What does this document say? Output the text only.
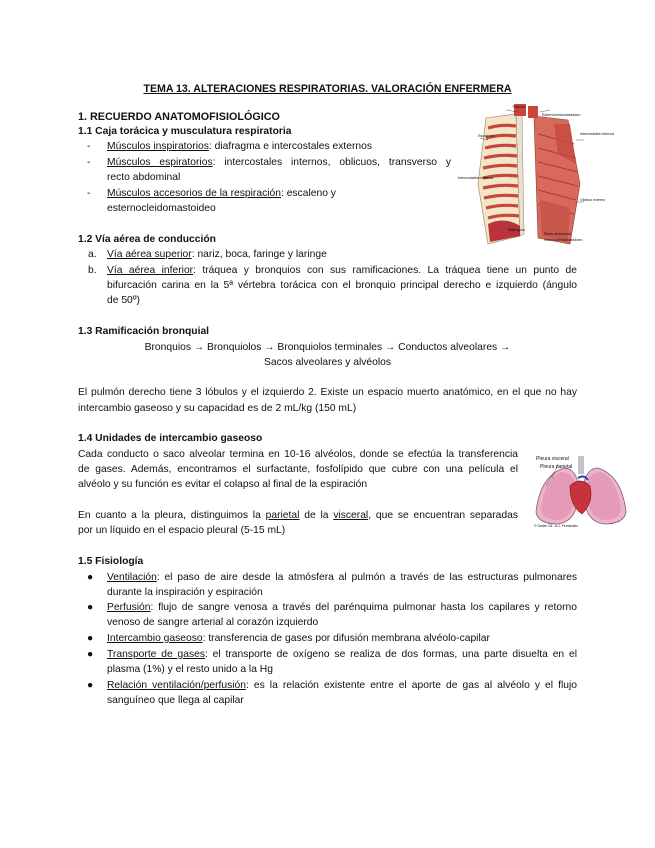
TEMA 13. ALTERACIONES RESPIRATORIAS. VALORACIÓN ENFERMERA
1. RECUERDO ANATOMOFISIOLÓGICO
1.1 Caja torácica y musculatura respiratoria
- Músculos inspiratorios: diafragma e intercostales externos
- Músculos espiratorios: intercostales internos, oblicuos, transverso y
recto abdominal
- Músculos accesorios de la respiración: escaleno y
esternocleidomastoideo
Tráquea
Esternocleidomastoideo
Escalenos
Intercostales externos
Intercostales internos
Oblicuo externo
Diafragma
Recto abdominal
Esternocleidomastoideo
1.2 Vía aérea de conducción
a. Vía aérea superior: nariz, boca, faringe y laringe
b. Vía aérea inferior: tráquea y bronquios con sus ramificaciones. La tráquea tiene un punto de
bifurcación carina en la 5ª vértebra torácica con el bronquio principal derecho e izquierdo (ángulo
de 50º)
1.3 Ramificación bronquial
Bronquios → Bronquiolos → Bronquiolos terminales → Conductos alveolares →
Sacos alveolares y alvéolos
El pulmón derecho tiene 3 lóbulos y el izquierdo 2. Existe un espacio muerto anatómico, en el que no hay
intercambio gaseoso y su capacidad es de 2 mL/kg (150 mL)
1.4 Unidades de intercambio gaseoso
Cada conducto o saco alveolar termina en 10-16 alvéolos, donde se efectúa la transferencia
de gases. Además, encontramos el surfactante, fosfolípido que cubre con una película el
alvéolo y su función es evitar el colapso al final de la espiración
En cuanto a la pleura, distinguimos la parietal de la visceral, que se encuentran separadas
por un líquido en el espacio pleural (5-15 mL)
Pleura visceral
Pleura parietal
© Daniel Gil - A.J. Fernández
1.5 Fisiología
● Ventilación: el paso de aire desde la atmósfera al pulmón a través de las estructuras pulmonares
durante la inspiración y espiración
● Perfusión: flujo de sangre venosa a través del parénquima pulmonar hasta los capilares y retorno
venoso de sangre arterial al corazón izquierdo
● Intercambio gaseoso: transferencia de gases por difusión membrana alvéolo-capilar
● Transporte de gases: el transporte de oxígeno se realiza de dos formas, una parte disuelta en el
plasma (1%) y el resto unido a la Hg
● Relación ventilación/perfusión: es la relación existente entre el aporte de gas al alvéolo y el flujo
sanguíneo que llega al capilar
